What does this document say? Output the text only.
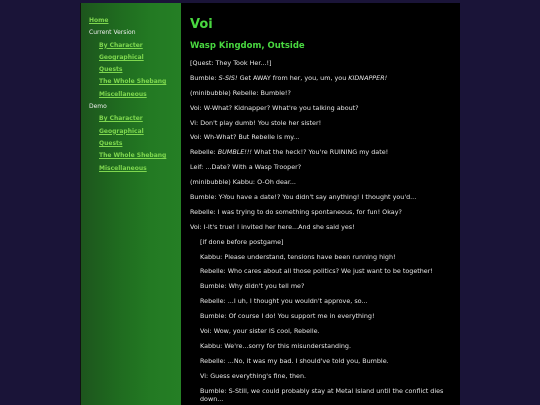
Home
Current Version
By Character
Geographical
Quests
The Whole Shebang
Miscellaneous
Demo
By Character
Geographical
Quests
The Whole Shebang
Miscellaneous
Voi
Wasp Kingdom, Outside
[Quest: They Took Her...!]
Bumble: S-SIS! Get AWAY from her, you, um, you KIDNAPPER!
(minibubble) Rebelle: Bumble!?
Voi: W-What? Kidnapper? What're you talking about?
Vi: Don't play dumb! You stole her sister!
Voi: Wh-What? But Rebelle is my...
Rebelle: BUMBLE!!! What the heck!? You're RUINING my date!
Leif: ...Date? With a Wasp Trooper?
(minibubble) Kabbu: O-Oh dear...
Bumble: Y-You have a date!? You didn't say anything! I thought you'd...
Rebelle: I was trying to do something spontaneous, for fun! Okay?
Voi: I-It's true! I invited her here...And she said yes!
[if done before postgame]
Kabbu: Please understand, tensions have been running high!
Rebelle: Who cares about all those politics? We just want to be together!
Bumble: Why didn't you tell me?
Rebelle: ...I uh, I thought you wouldn't approve, so...
Bumble: Of course I do! You support me in everything!
Voi: Wow, your sister IS cool, Rebelle.
Kabbu: We're...sorry for this misunderstanding.
Rebelle: ...No, it was my bad. I should've told you, Bumble.
Vi: Guess everything's fine, then.
Bumble: S-Still, we could probably stay at Metal Island until the conflict dies down...
